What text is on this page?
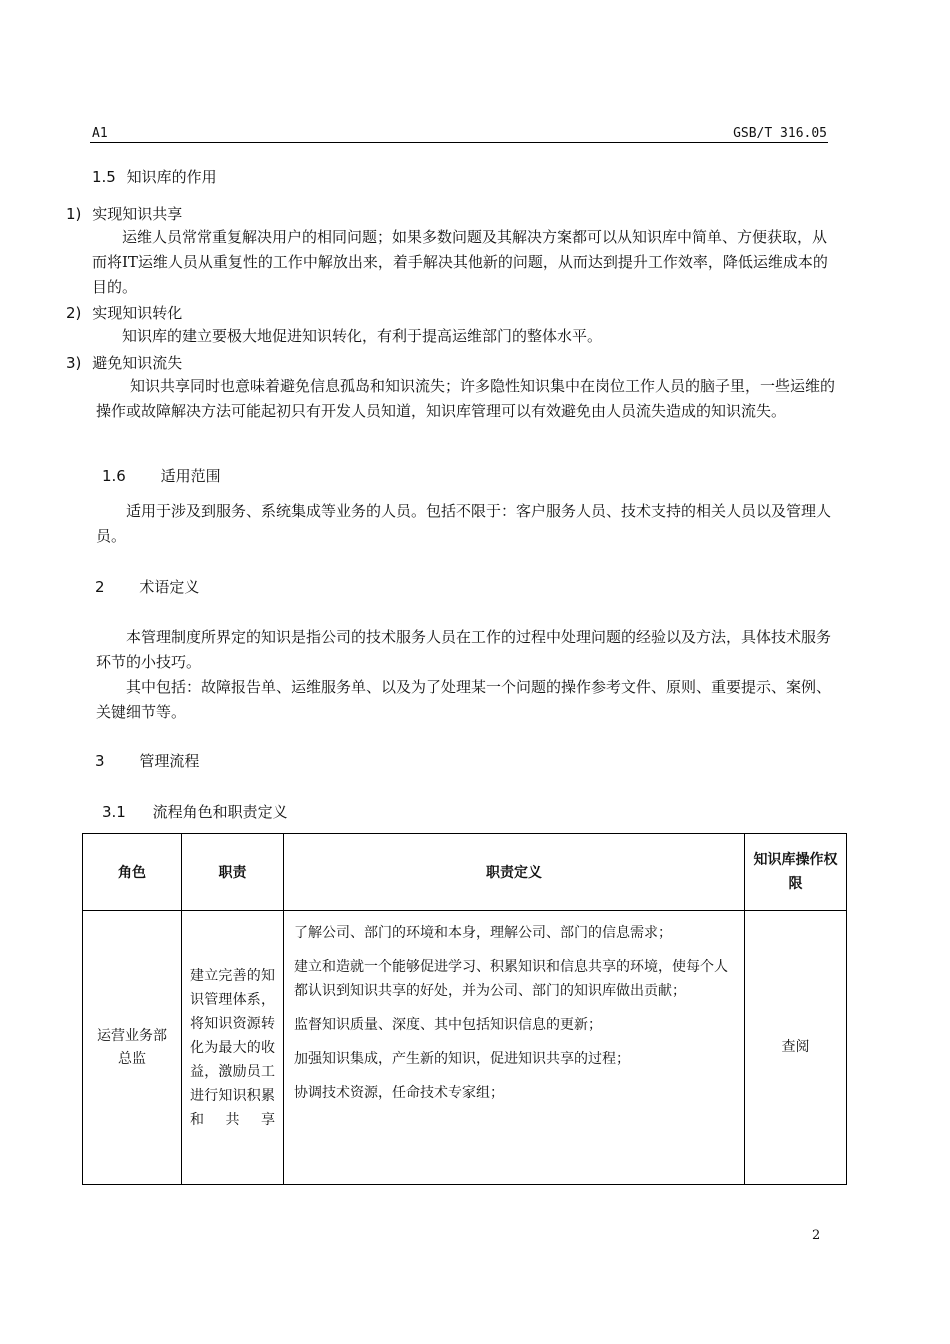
A1	GSB/T 316.05
1.5 知识库的作用
1) 实现知识共享
运维人员常常重复解决用户的相同问题；如果多数问题及其解决方案都可以从知识库中简单、方便获取，从而将IT运维人员从重复性的工作中解放出来，着手解决其他新的问题，从而达到提升工作效率，降低运维成本的目的。
2) 实现知识转化
知识库的建立要极大地促进知识转化，有利于提高运维部门的整体水平。
3) 避免知识流失
知识共享同时也意味着避免信息孤岛和知识流失；许多隐性知识集中在岗位工作人员的脑子里，一些运维的操作或故障解决方法可能起初只有开发人员知道，知识库管理可以有效避免由人员流失造成的知识流失。
1.6 适用范围
适用于涉及到服务、系统集成等业务的人员。包括不限于：客户服务人员、技术支持的相关人员以及管理人员。
2 术语定义
本管理制度所界定的知识是指公司的技术服务人员在工作的过程中处理问题的经验以及方法，具体技术服务环节的小技巧。
其中包括：故障报告单、运维服务单、以及为了处理某一个问题的操作参考文件、原则、重要提示、案例、关键细节等。
3 管理流程
3.1 流程角色和职责定义
角色	职责	职责定义	知识库操作权限
运营业务部总监	建立完善的知识管理体系，将知识资源转化为最大的收益，激励员工进行知识积累和共享	了解公司、部门的环境和本身，理解公司、部门的信息需求；

建立和造就一个能够促进学习、积累知识和信息共享的环境，使每个人都认识到知识共享的好处，并为公司、部门的知识库做出贡献；

监督知识质量、深度、其中包括知识信息的更新；

加强知识集成，产生新的知识，促进知识共享的过程；

协调技术资源，任命技术专家组；	查阅
2
